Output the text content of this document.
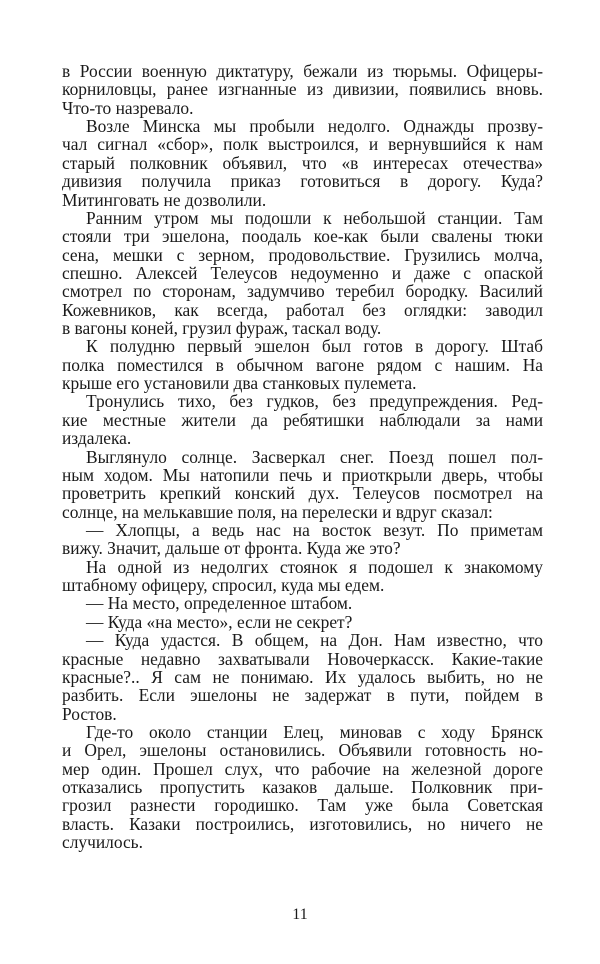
в России военную диктатуру, бежали из тюрьмы. Офицеры-
корниловцы, ранее изгнанные из дивизии, появились вновь.
Что-то назревало.
Возле Минска мы пробыли недолго. Однажды прозву-
чал сигнал «сбор», полк выстроился, и вернувшийся к нам
старый полковник объявил, что «в интересах отечества»
дивизия получила приказ готовиться в дорогу. Куда?
Митинговать не дозволили.
Ранним утром мы подошли к небольшой станции. Там
стояли три эшелона, поодаль кое-как были свалены тюки
сена, мешки с зерном, продовольствие. Грузились молча,
спешно. Алексей Телеусов недоуменно и даже с опаской
смотрел по сторонам, задумчиво теребил бородку. Василий
Кожевников, как всегда, работал без оглядки: заводил
в вагоны коней, грузил фураж, таскал воду.
К полудню первый эшелон был готов в дорогу. Штаб
полка поместился в обычном вагоне рядом с нашим. На
крыше его установили два станковых пулемета.
Тронулись тихо, без гудков, без предупреждения. Ред-
кие местные жители да ребятишки наблюдали за нами
издалека.
Выглянуло солнце. Засверкал снег. Поезд пошел пол-
ным ходом. Мы натопили печь и приоткрыли дверь, чтобы
проветрить крепкий конский дух. Телеусов посмотрел на
солнце, на мелькавшие поля, на перелески и вдруг сказал:
— Хлопцы, а ведь нас на восток везут. По приметам
вижу. Значит, дальше от фронта. Куда же это?
На одной из недолгих стоянок я подошел к знакомому
штабному офицеру, спросил, куда мы едем.
— На место, определенное штабом.
— Куда «на место», если не секрет?
— Куда удастся. В общем, на Дон. Нам известно, что
красные недавно захватывали Новочеркасск. Какие-такие
красные?.. Я сам не понимаю. Их удалось выбить, но не
разбить. Если эшелоны не задержат в пути, пойдем в
Ростов.
Где-то около станции Елец, миновав с ходу Брянск
и Орел, эшелоны остановились. Объявили готовность но-
мер один. Прошел слух, что рабочие на железной дороге
отказались пропустить казаков дальше. Полковник при-
грозил разнести городишко. Там уже была Советская
власть. Казаки построились, изготовились, но ничего не
случилось.
11
